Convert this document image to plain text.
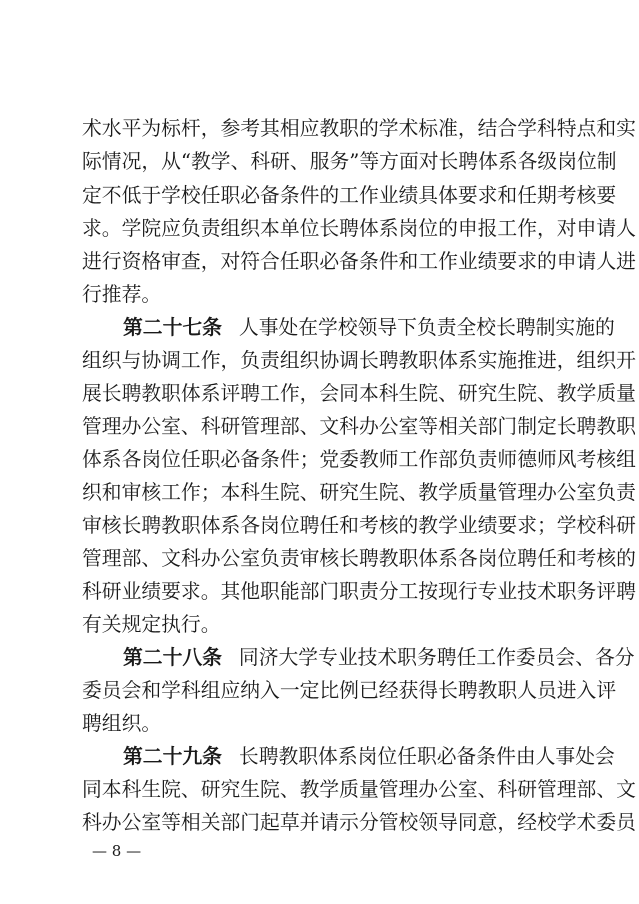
术水平为标杆，参考其相应教职的学术标准，结合学科特点和实
际情况，从“教学、科研、服务”等方面对长聘体系各级岗位制
定不低于学校任职必备条件的工作业绩具体要求和任期考核要
求。学院应负责组织本单位长聘体系岗位的申报工作，对申请人
进行资格审查，对符合任职必备条件和工作业绩要求的申请人进
行推荐。
第二十七条 人事处在学校领导下负责全校长聘制实施的
组织与协调工作，负责组织协调长聘教职体系实施推进，组织开
展长聘教职体系评聘工作，会同本科生院、研究生院、教学质量
管理办公室、科研管理部、文科办公室等相关部门制定长聘教职
体系各岗位任职必备条件；党委教师工作部负责师德师风考核组
织和审核工作；本科生院、研究生院、教学质量管理办公室负责
审核长聘教职体系各岗位聘任和考核的教学业绩要求；学校科研
管理部、文科办公室负责审核长聘教职体系各岗位聘任和考核的
科研业绩要求。其他职能部门职责分工按现行专业技术职务评聘
有关规定执行。
第二十八条 同济大学专业技术职务聘任工作委员会、各分
委员会和学科组应纳入一定比例已经获得长聘教职人员进入评
聘组织。
第二十九条 长聘教职体系岗位任职必备条件由人事处会
同本科生院、研究生院、教学质量管理办公室、科研管理部、文
科办公室等相关部门起草并请示分管校领导同意，经校学术委员
— 8 —
